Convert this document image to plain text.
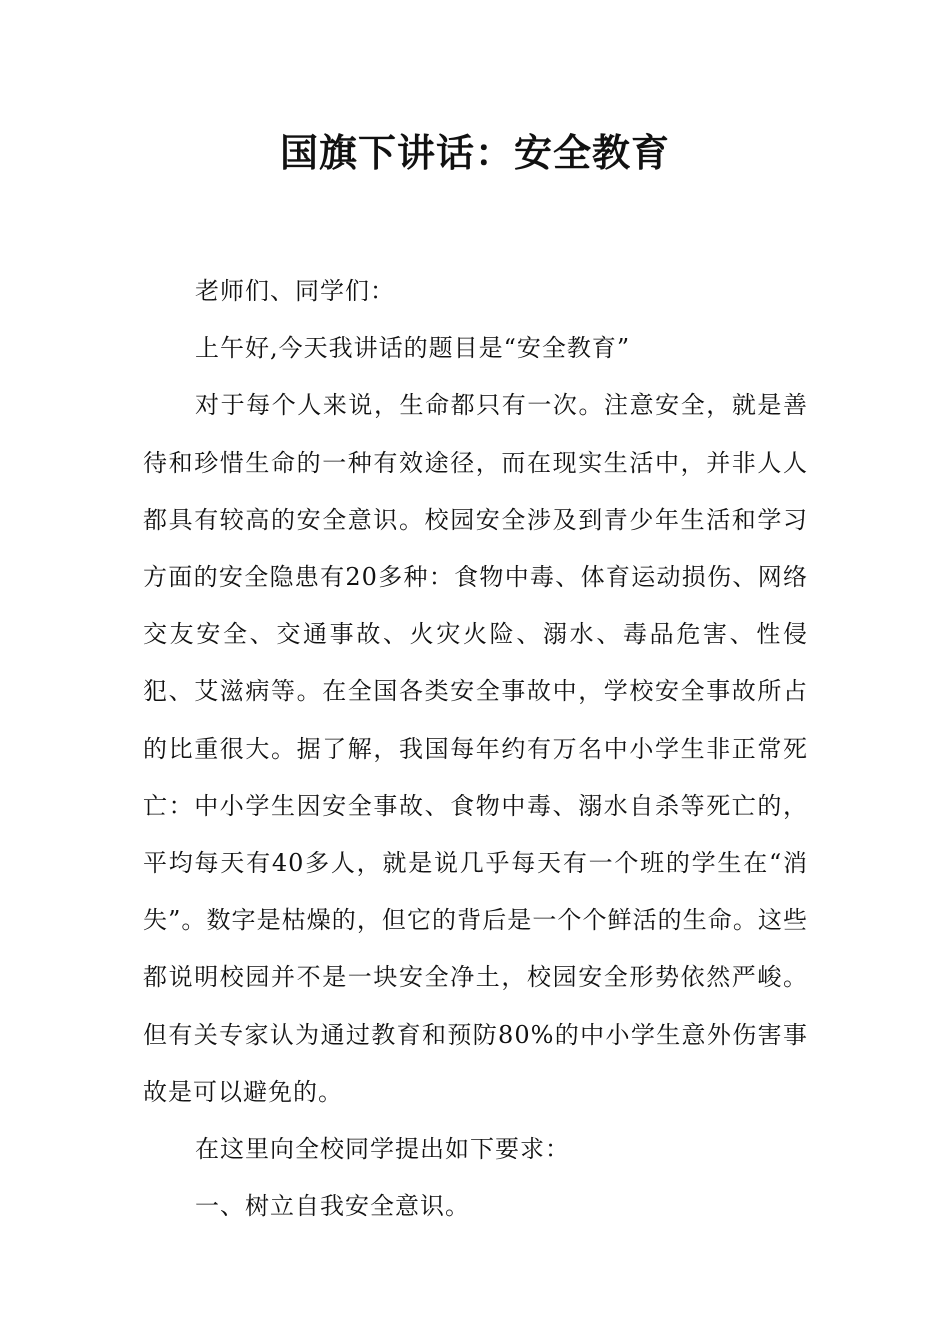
国旗下讲话：安全教育

老师们、同学们：

上午好,今天我讲话的题目是“安全教育”

对于每个人来说，生命都只有一次。注意安全，就是善待和珍惜生命的一种有效途径，而在现实生活中，并非人人都具有较高的安全意识。校园安全涉及到青少年生活和学习方面的安全隐患有20多种：食物中毒、体育运动损伤、网络交友安全、交通事故、火灾火险、溺水、毒品危害、性侵犯、艾滋病等。在全国各类安全事故中，学校安全事故所占的比重很大。据了解，我国每年约有万名中小学生非正常死亡：中小学生因安全事故、食物中毒、溺水自杀等死亡的，平均每天有40多人，就是说几乎每天有一个班的学生在“消失”。数字是枯燥的，但它的背后是一个个鲜活的生命。这些都说明校园并不是一块安全净土，校园安全形势依然严峻。但有关专家认为通过教育和预防80%的中小学生意外伤害事故是可以避免的。

在这里向全校同学提出如下要求：

一、树立自我安全意识。
